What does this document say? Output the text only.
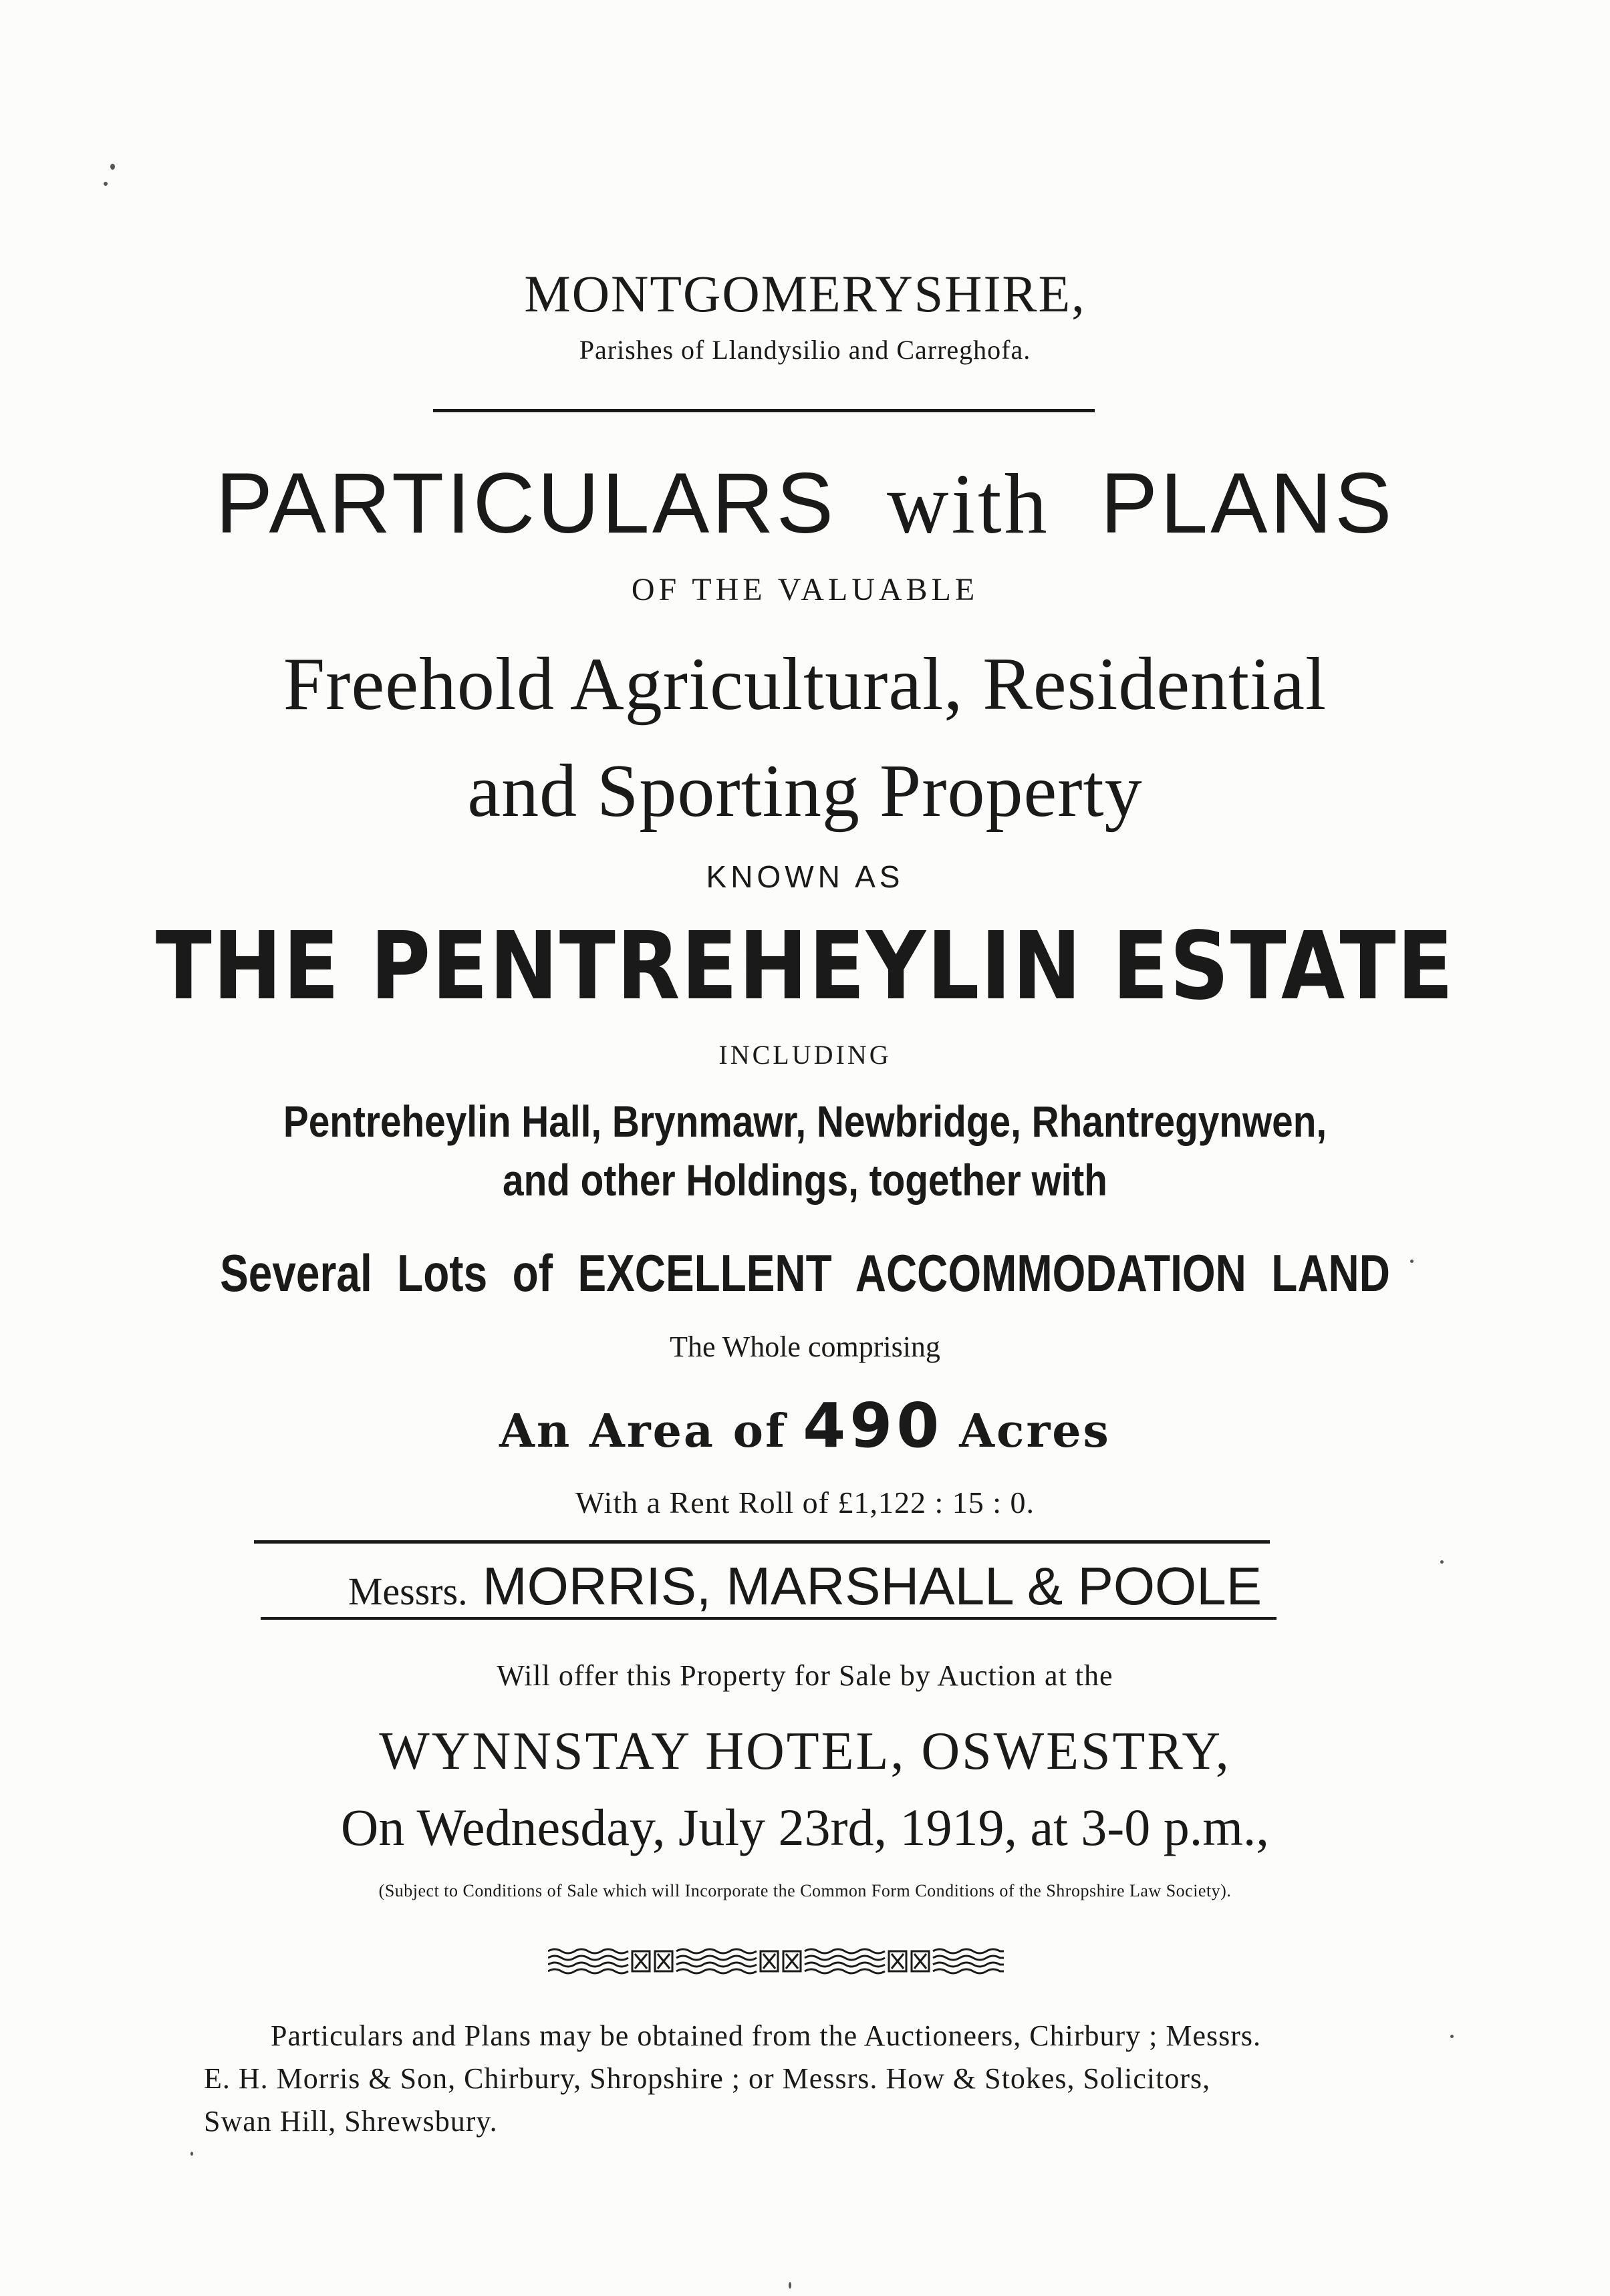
MONTGOMERYSHIRE,
Parishes of Llandysilio and Carreghofa.
PARTICULARS with PLANS
OF THE VALUABLE
Freehold Agricultural, Residential
and Sporting Property
KNOWN AS
THE PENTREHEYLIN ESTATE
INCLUDING
Pentreheylin Hall, Brynmawr, Newbridge, Rhantregynwen,
and other Holdings, together with
Several Lots of EXCELLENT ACCOMMODATION LAND
The Whole comprising
An Area of 490 Acres
With a Rent Roll of £1,122 : 15 : 0.
Messrs. MORRIS, MARSHALL & POOLE
Will offer this Property for Sale by Auction at the
WYNNSTAY HOTEL, OSWESTRY,
On Wednesday, July 23rd, 1919, at 3-0 p.m.,
(Subject to Conditions of Sale which will Incorporate the Common Form Conditions of the Shropshire Law Society).
Particulars and Plans may be obtained from the Auctioneers, Chirbury ; Messrs.
E. H. Morris & Son, Chirbury, Shropshire ; or Messrs. How & Stokes, Solicitors,
Swan Hill, Shrewsbury.
